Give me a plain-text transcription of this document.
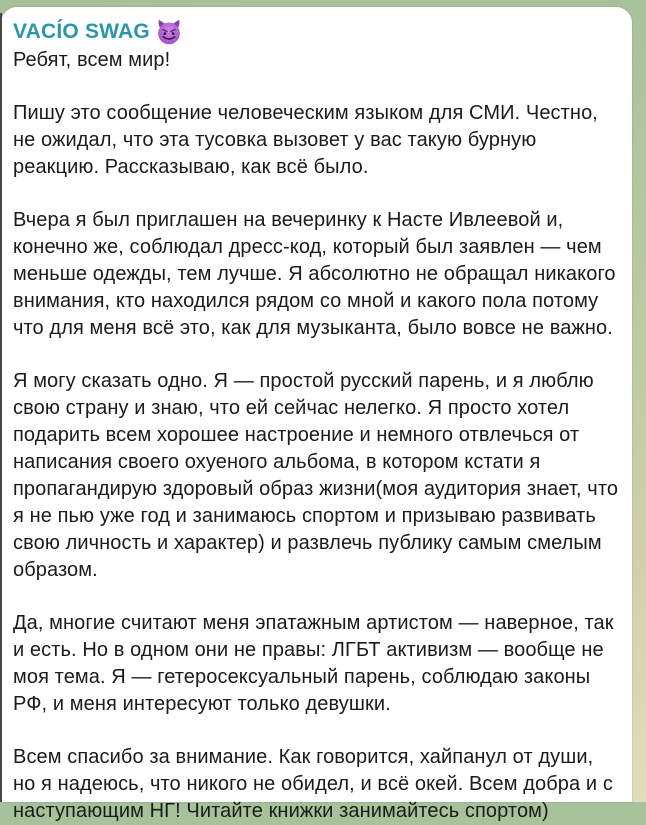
VACÍO SWAG

Ребят, всем мир!

Пишу это сообщение человеческим языком для СМИ. Честно, не ожидал, что эта тусовка вызовет у вас такую бурную реакцию. Рассказываю, как всё было.

Вчера я был приглашен на вечеринку к Насте Ивлеевой и, конечно же, соблюдал дресс-код, который был заявлен — чем меньше одежды, тем лучше. Я абсолютно не обращал никакого внимания, кто находился рядом со мной и какого пола потому что для меня всё это, как для музыканта, было вовсе не важно.

Я могу сказать одно. Я — простой русский парень, и я люблю свою страну и знаю, что ей сейчас нелегко. Я просто хотел подарить всем хорошее настроение и немного отвлечься от написания своего охуеного альбома, в котором кстати я пропагандирую здоровый образ жизни(моя аудитория знает, что я не пью уже год и занимаюсь спортом и призываю развивать свою личность и характер) и развлечь публику самым смелым образом.

Да, многие считают меня эпатажным артистом — наверное, так и есть. Но в одном они не правы: ЛГБТ активизм — вообще не моя тема. Я — гетеросексуальный парень, соблюдаю законы РФ, и меня интересуют только девушки.

Всем спасибо за внимание. Как говорится, хайпанул от души, но я надеюсь, что никого не обидел, и всё окей. Всем добра и с наступающим НГ! Читайте книжки занимайтесь спортом)
